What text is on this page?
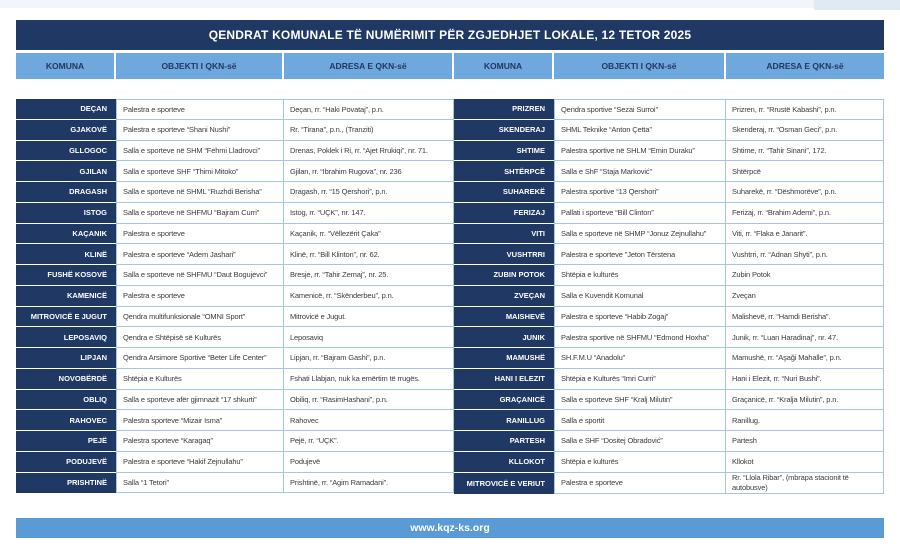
QENDRAT KOMUNALE TË NUMËRIMIT PËR ZGJEDHJET LOKALE, 12 TETOR 2025
KOMUNA	OBJEKTI I QKN-së	ADRESA E QKN-së	KOMUNA	OBJEKTI I QKN-së	ADRESA E QKN-së
DEÇAN	Palestra e sporteve	Deçan, rr. “Haki Povataj”, p.n.
GJAKOVË	Palestra e sporteve “Shani Nushi”	Rr. “Tirana”, p.n., (Tranziti)
GLLOGOC	Salla e sporteve në SHM “Fehmi Lladrovci”	Drenas, Poklek i Ri, rr. “Ajet Rrukiqi”, nr. 71.
GJILAN	Salla e sporteve SHF “Thimi Mitoko”	Gjilan, rr. “Ibrahim Rugova”, nr. 236
DRAGASH	Salla e sporteve në SHML “Ruzhdi Berisha”	Dragash, rr. “15 Qershori”, p.n.
ISTOG	Salla e sporteve në SHFMU “Bajram Curri”	Istog, rr. “UÇK”, nr. 147.
KAÇANIK	Palestra e sporteve	Kaçanik, rr. “Vëllezërit Çaka”
KLINË	Palestra e sporteve “Adem Jashari”	Klinë, rr. “Bill Klinton”, nr. 62.
FUSHË KOSOVË	Salla e sporteve në SHFMU “Daut Bogujevci”	Bresje, rr. “Tahir Zemaj”, nr. 25.
KAMENICË	Palestra e sporteve	Kamenicë, rr. “Skënderbeu”, p.n.
MITROVICË E JUGUT	Qendra multifunksionale “OMNI Sport”	Mitrovicë e Jugut.
LEPOSAVIQ	Qendra e Shtëpisë së Kulturës	Leposaviq
LIPJAN	Qendra Arsimore Sportive “Beter Life Center”	Lipjan, rr. “Bajram Gashi”, p.n.
NOVOBËRDË	Shtëpia e Kulturës	Fshati Llabjan, nuk ka emërtim të rrugës.
OBLIQ	Salla e sporteve afër gjimnazit “17 shkurti”	Obiliq, rr. “RasimHashani”, p.n.
RAHOVEC	Palestra sporteve “Mizair Isma”	Rahovec
PEJË	Palestra sporteve “Karagaq”	Pejë, rr. “UÇK”.
PODUJEVË	Palestra e sporteve “Hakif Zejnullahu”	Podujevë
PRISHTINË	Salla “1 Tetori”	Prishtinë, rr. “Agim Ramadani”.
PRIZREN	Qendra sportive “Sezai Surroi”	Prizren, rr. “Rrustë Kabashi”, p.n.
SKENDERAJ	SHML Teknike “Anton Çetta”	Skenderaj, rr. “Osman Geci”, p.n.
SHTIME	Palestra sportive në SHLM “Emin Duraku”	Shtime, rr. “Tahir Sinani”, 172.
SHTËRPCË	Salla e ShF “Staja Marković”	Shtërpcë
SUHAREKË	Palestra sportive “13 Qershori”	Suharekë, rr. “Dëshmorëve”, p.n.
FERIZAJ	Pallati i sporteve “Bill Clinton”	Ferizaj, rr. “Brahim Ademi”, p.n.
VITI	Salla e sporteve në SHMP “Jonuz Zejnullahu”	Viti, rr. “Flaka e Janarit”.
VUSHTRRI	Palestra e sporteve "Jeton Tërstena	Vushtrri, rr. “Adnan Shyti”, p.n.
ZUBIN POTOK	Shtëpia e kulturës	Zubin Potok
ZVEÇAN	Salla e Kuvendit Komunal	Zveçan
MAISHEVË	Palestra e sporteve “Habib Zogaj”	Malishevë, rr. “Hamdi Berisha”.
JUNIK	Palestra sportive në SHFMU “Edmond Hoxha”	Junik, rr. “Luan Haradinaj”, nr. 47.
MAMUSHË	SH.F.M.U “Anadolu”	Mamushë, rr. “Aşaği Mahalle”, p.n.
HANI I ELEZIT	Shtëpia e Kulturës “Imri Curri”	Hani i Elezit, rr. “Nuri Bushi”.
GRAÇANICË	Salla e sporteve SHF “Kralj Milutin”	Graçanicë, rr. “Kralja Milutin”, p.n.
RANILLUG	Salla e sportit	Ranillug.
PARTESH	Salla e SHF “Dositej Obradović”	Partesh
KLLOKOT	Shtëpia e kulturës	Kllokot
MITROVICË E VERIUT	Palestra e sporteve	Rr. “Llola Ribar”, (mbrapa stacionit të autobusve)
www.kqz-ks.org
